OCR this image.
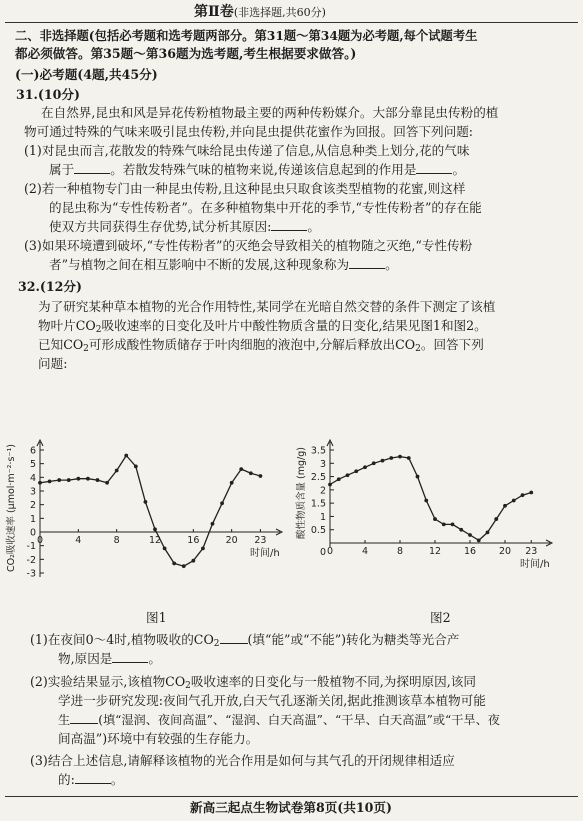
第Ⅱ卷(非选择题,共60分)
二、非选择题(包括必考题和选考题两部分。第31题～第34题为必考题,每个试题考生
都必须做答。第35题～第36题为选考题,考生根据要求做答。)
(一)必考题(4题,共45分)
31.(10分)
在自然界,昆虫和风是异花传粉植物最主要的两种传粉媒介。大部分靠昆虫传粉的植
物可通过特殊的气味来吸引昆虫传粉,并向昆虫提供花蜜作为回报。回答下列问题:
(1)对昆虫而言,花散发的特殊气味给昆虫传递了信息,从信息种类上划分,花的气味
属于	。若散发特殊气味的植物来说,传递该信息起到的作用是	。
(2)若一种植物专门由一种昆虫传粉,且这种昆虫只取食该类型植物的花蜜,则这样
的昆虫称为“专性传粉者”。在多种植物集中开花的季节,“专性传粉者”的存在能
使双方共同获得生存优势,试分析其原因:	。
(3)如果环境遭到破坏,“专性传粉者”的灭绝会导致相关的植物随之灭绝,“专性传粉
者”与植物之间在相互影响中不断的发展,这种现象称为	。
32.(12分)
为了研究某种草本植物的光合作用特性,某同学在光暗自然交替的条件下测定了该植
物叶片$CO_2$吸收速率的日变化及叶片中酸性物质含量的日变化,结果见图1和图2。
已知$CO_2$可形成酸性物质储存于叶肉细胞的液泡中,分解后释放出$CO_2$。回答下列
问题:
-3
-2
-1
0
1
2
3
4
5
6
0	4	8	12	16	20 23
时间/h
CO₂吸收速率 (μmol·m⁻²·s⁻¹)	0.5
1
1.5
2
2.5
3
3.5
0	4	8	12 16 20 23
时间/h
酸性物质含量 (mg/g)
0
图1	图2
(1)在夜间0～4时,植物吸收的$CO_2$ (填“能”或“不能”)转化为糖类等光合产
物,原因是	。
(2)实验结果显示,该植物$CO_2$吸收速率的日变化与一般植物不同,为探明原因,该同
学进一步研究发现:夜间气孔开放,白天气孔逐渐关闭,据此推测该草本植物可能
生 (填“湿润、夜间高温”、“湿润、白天高温”、“干旱、白天高温”或“干旱、夜
间高温”)环境中有较强的生存能力。
(3)结合上述信息,请解释该植物的光合作用是如何与其气孔的开闭规律相适应
的:	。
新高三起点生物试卷第8页(共10页)
